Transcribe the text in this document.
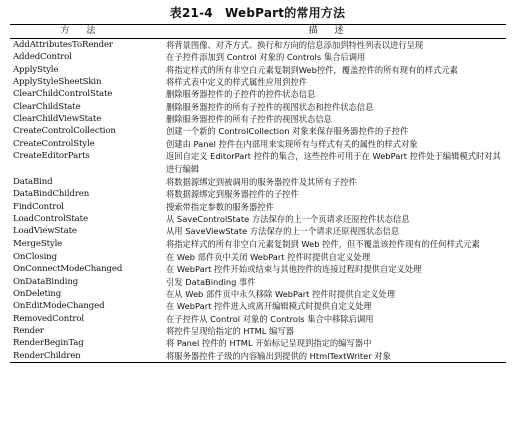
表21-4　WebPart的常用方法
方　法	描　述
AddAttributesToRender	将背景图像、对齐方式、换行和方向的信息添加到特性列表以进行呈现
AddedControl	在子控件添加到 Control 对象的 Controls 集合后调用
ApplyStyle	将指定样式的所有非空白元素复制到Web控件，覆盖控件的所有现有的样式元素
ApplyStyleSheetSkin	将样式表中定义的样式属性应用到控件
ClearChildControlState	删除服务器控件的子控件的控件状态信息
ClearChildState	删除服务器控件的所有子控件的视图状态和控件状态信息
ClearChildViewState	删除服务器控件的所有子控件的视图状态信息
CreateControlCollection	创建一个新的 ControlCollection 对象来保存服务器控件的子控件
CreateControlStyle	创建由 Panel 控件在内部用来实现所有与样式有关的属性的样式对象
CreateEditorParts	返回自定义 EditorPart 控件的集合，这些控件可用于在 WebPart 控件处于编辑模式时对其进行编辑
DataBind	将数据源绑定到被调用的服务器控件及其所有子控件
DataBindChildren	将数据源绑定到服务器控件的子控件
FindControl	搜索带指定参数的服务器控件
LoadControlState	从 SaveControlState 方法保存的上一个页请求还原控件状态信息
LoadViewState	从用 SaveViewState 方法保存的上一个请求还原视图状态信息
MergeStyle	将指定样式的所有非空白元素复制到 Web 控件，但不覆盖该控件现有的任何样式元素
OnClosing	在 Web 部件页中关闭 WebPart 控件时提供自定义处理
OnConnectModeChanged	在 WebPart 控件开始或结束与其他控件的连接过程时提供自定义处理
OnDataBinding	引发 DataBinding 事件
OnDeleting	在从 Web 部件页中永久移除 WebPart 控件时提供自定义处理
OnEditModeChanged	在 WebPart 控件进入或离开编辑模式时提供自定义处理
RemovedControl	在子控件从 Control 对象的 Controls 集合中移除后调用
Render	将控件呈现给指定的 HTML 编写器
RenderBeginTag	将 Panel 控件的 HTML 开始标记呈现到指定的编写器中
RenderChildren	将服务器控件子级的内容输出到提供的 HtmlTextWriter 对象
